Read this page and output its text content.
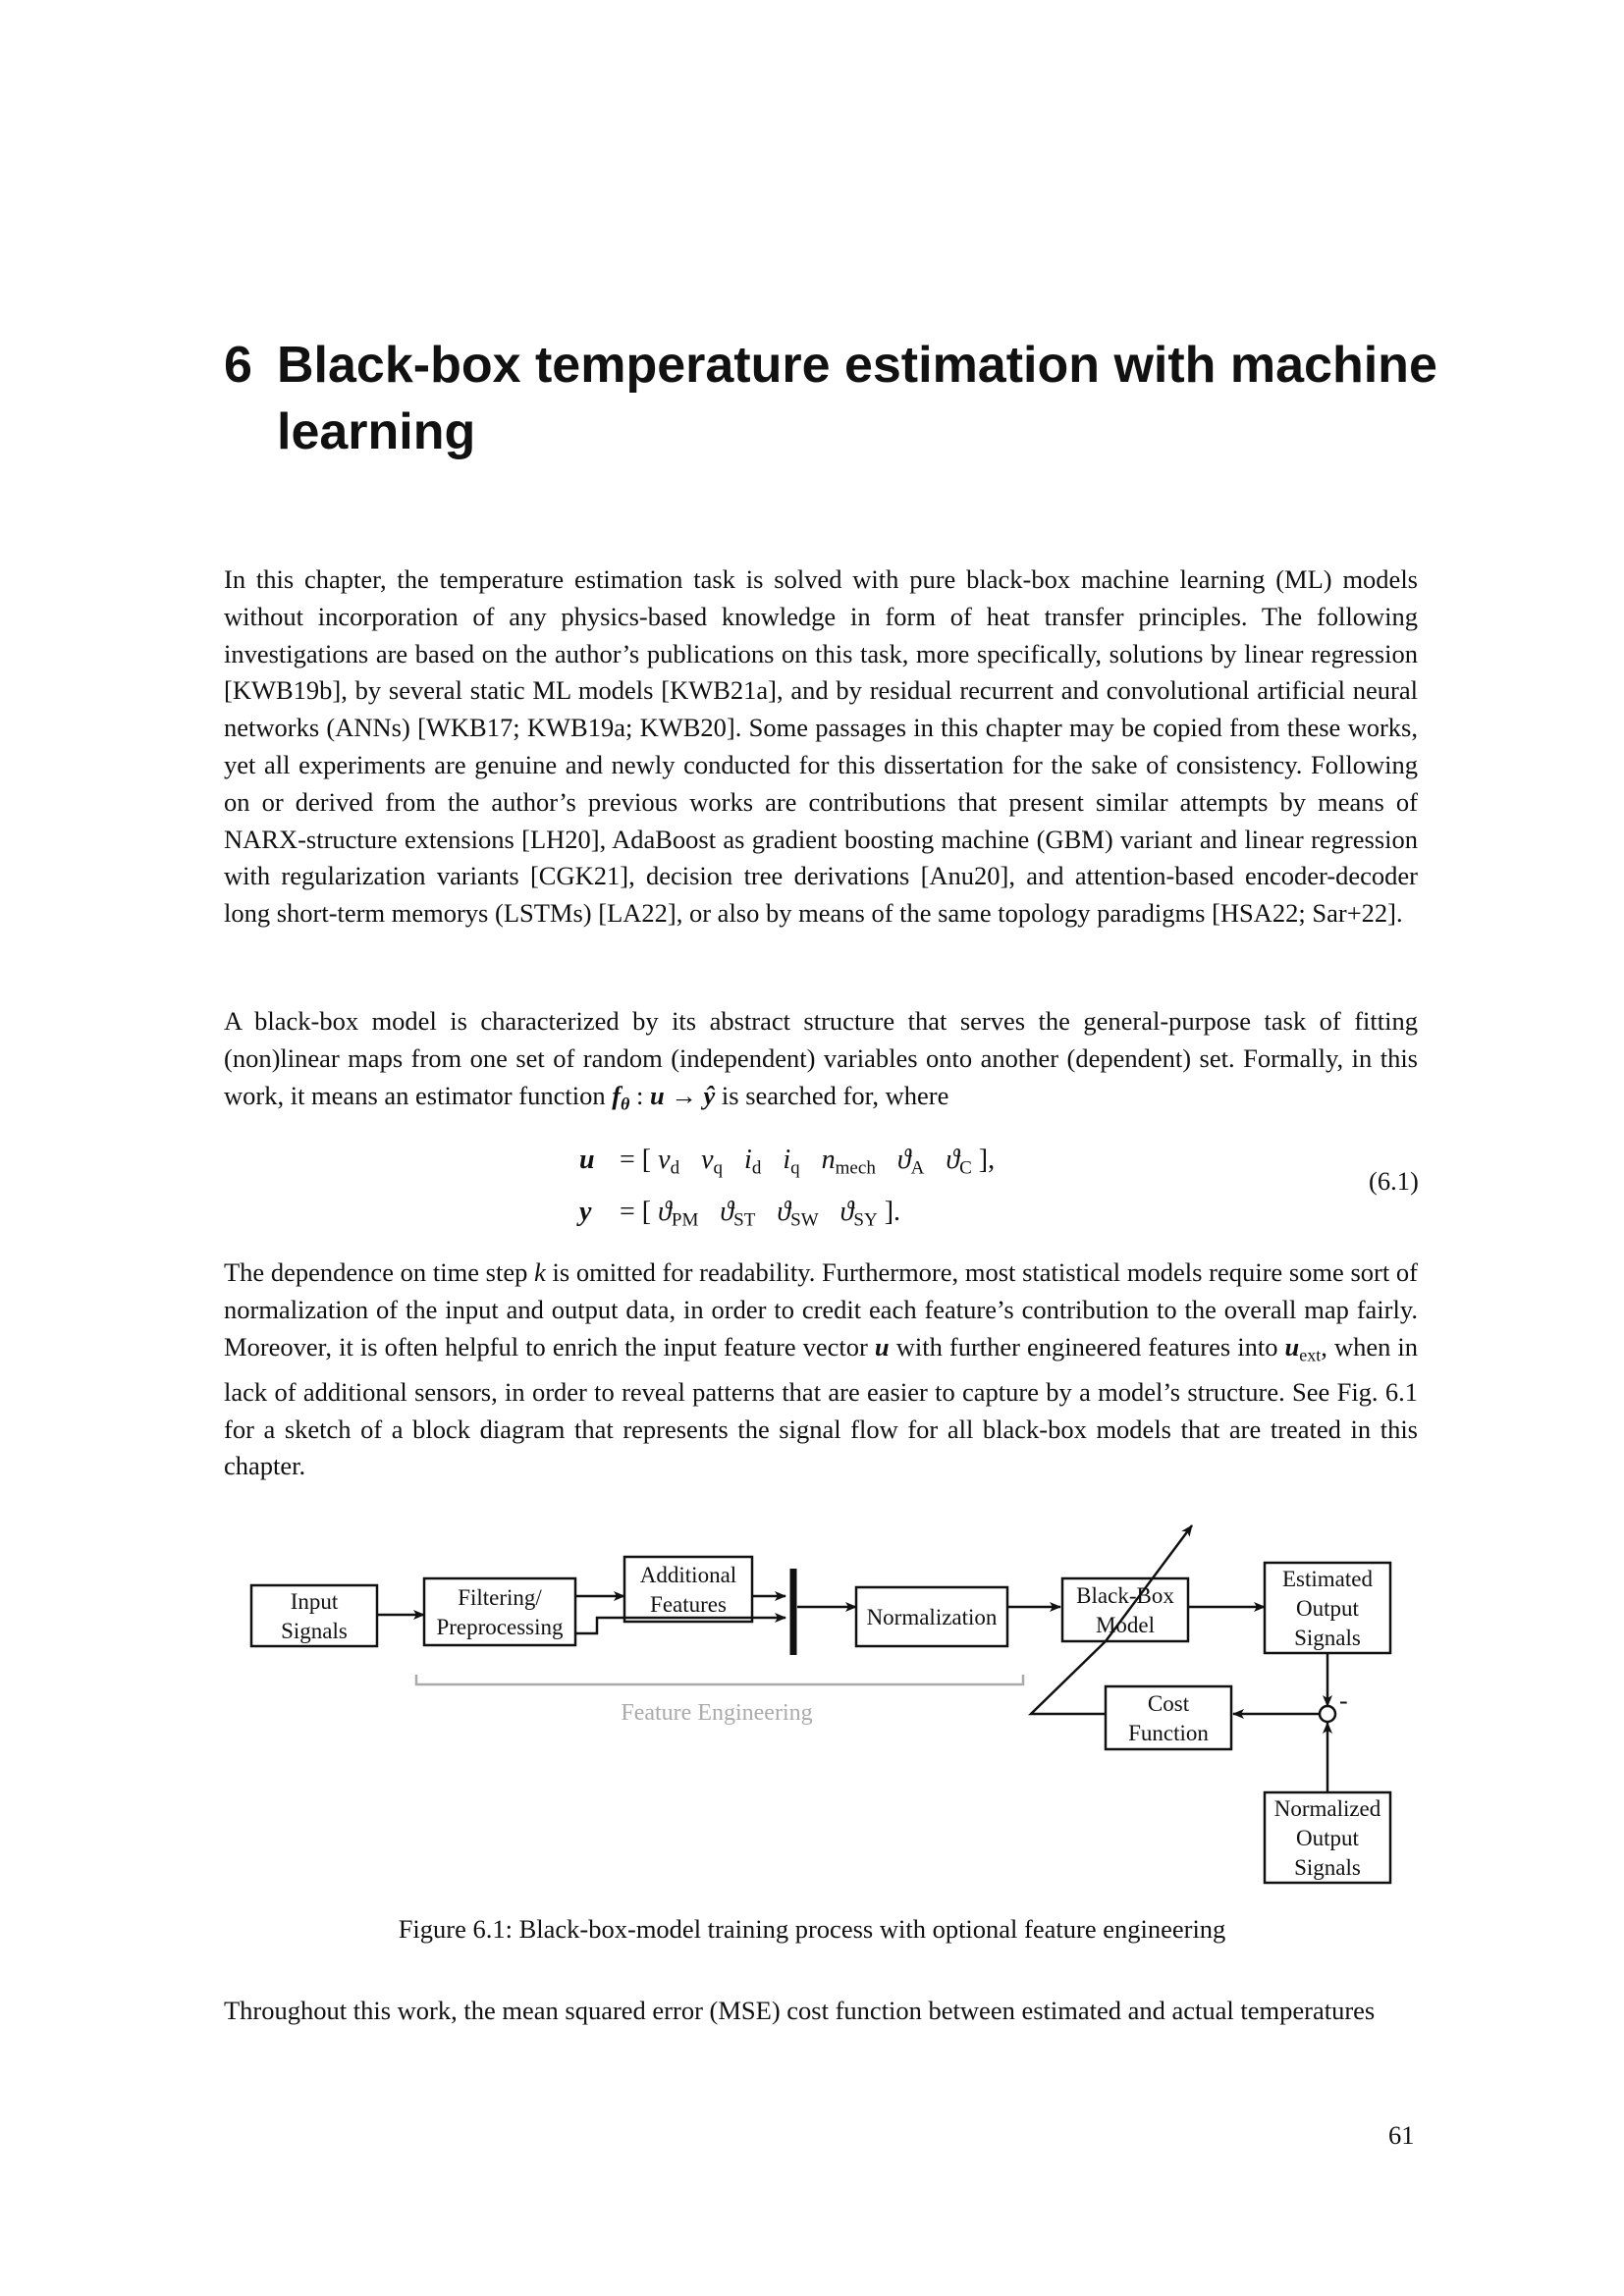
6 Black-box temperature estimation with machine learning

In this chapter, the temperature estimation task is solved with pure black-box machine learning (ML) models without incorporation of any physics-based knowledge in form of heat transfer principles. The following investigations are based on the author’s publications on this task, more specifically, solutions by linear regression [KWB19b], by several static ML models [KWB21a], and by residual recurrent and convolutional artificial neural networks (ANNs) [WKB17; KWB19a; KWB20]. Some passages in this chapter may be copied from these works, yet all experiments are genuine and newly conducted for this dissertation for the sake of consistency. Following on or derived from the author’s previous works are contributions that present similar attempts by means of NARX-structure extensions [LH20], AdaBoost as gradient boosting machine (GBM) variant and linear regression with regularization variants [CGK21], decision tree derivations [Anu20], and attention-based encoder-decoder long short-term memorys (LSTMs) [LA22], or also by means of the same topology paradigms [HSA22; Sar+22].

A black-box model is characterized by its abstract structure that serves the general-purpose task of fitting (non)linear maps from one set of random (independent) variables onto another (dependent) set. Formally, in this work, it means an estimator function $f_\theta$ : u → ŷ is searched for, where

u = [ $v_d$ $v_q$ $i_d$ $i_q$ $n_{mech}$ $ϑ_A$ $ϑ_C$ ],
y = [ $ϑ_{PM}$ $ϑ_{ST}$ $ϑ_{SW}$ $ϑ_{SY}$ ].
(6.1)

The dependence on time step k is omitted for readability. Furthermore, most statistical models require some sort of normalization of the input and output data, in order to credit each feature’s contribution to the overall map fairly. Moreover, it is often helpful to enrich the input feature vector u with further engineered features into $u_{ext}$, when in lack of additional sensors, in order to reveal patterns that are easier to capture by a model’s structure. See Fig. 6.1 for a sketch of a block diagram that represents the signal flow for all black-box models that are treated in this chapter.

Input
Signals
Filtering/
Preprocessing
Additional
Features
Normalization
Black-Box
Model
Estimated
Output
Signals
Cost
Function
Normalized
Output
Signals
Feature Engineering	-
Figure 6.1: Black-box-model training process with optional feature engineering

Throughout this work, the mean squared error (MSE) cost function between estimated and actual temperatures

61
